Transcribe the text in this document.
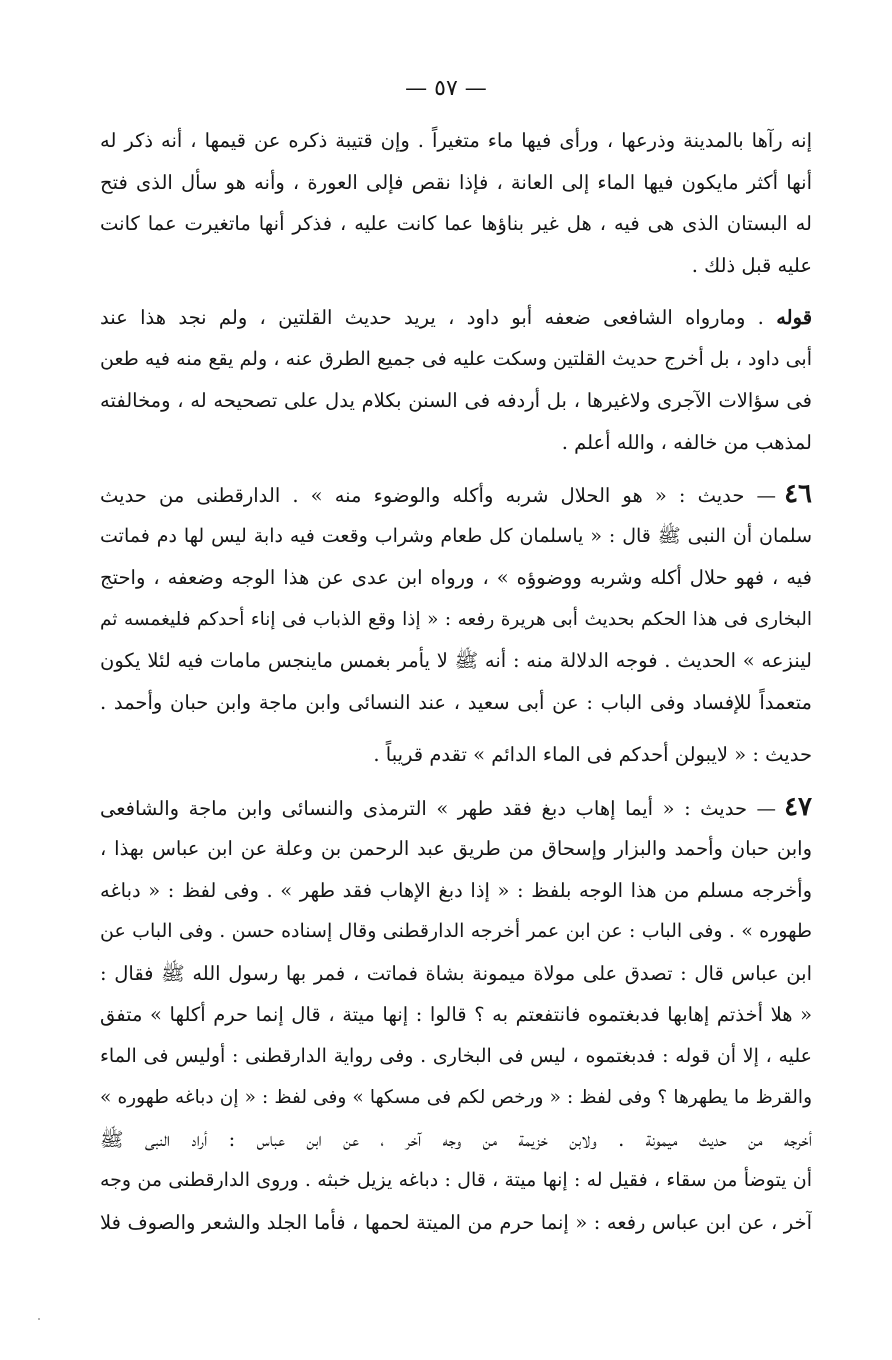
— ٥٧ —
إنه رآها بالمدينة وذرعها ، ورأى فيها ماء متغيراً . وإن قتيبة ذكره عن قيمها ، أنه ذكر له
أنها أكثر مايكون فيها الماء إلى العانة ، فإذا نقص فإلى العورة ، وأنه هو سأل الذى فتح
له البستان الذى هى فيه ، هل غير بناؤها عما كانت عليه ، فذكر أنها ماتغيرت عما كانت
عليه قبل ذلك .
قوله . ومارواه الشافعى ضعفه أبو داود ، يريد حديث القلتين ، ولم نجد هذا عند
أبى داود ، بل أخرج حديث القلتين وسكت عليه فى جميع الطرق عنه ، ولم يقع منه فيه طعن
فى سؤالات الآجرى ولاغيرها ، بل أردفه فى السنن بكلام يدل على تصحيحه له ، ومخالفته
لمذهب من خالفه ، والله أعلم .
٤٦— حديث : « هو الحلال شربه وأكله والوضوء منه » . الدارقطنى من حديث
سلمان أن النبى ﷺ قال : « ياسلمان كل طعام وشراب وقعت فيه دابة ليس لها دم فماتت
فيه ، فهو حلال أكله وشربه ووضوؤه » ، ورواه ابن عدى عن هذا الوجه وضعفه ، واحتج
البخارى فى هذا الحكم بحديث أبى هريرة رفعه : « إذا وقع الذباب فى إناء أحدكم فليغمسه ثم
لينزعه » الحديث . فوجه الدلالة منه : أنه ﷺ لا يأمر بغمس ماينجس مامات فيه لئلا يكون
متعمداً للإفساد وفى الباب : عن أبى سعيد ، عند النسائى وابن ماجة وابن حبان وأحمد .
حديث : « لايبولن أحدكم فى الماء الدائم » تقدم قريباً .
٤٧— حديث : « أيما إهاب دبغ فقد طهر » الترمذى والنسائى وابن ماجة والشافعى
وابن حبان وأحمد والبزار وإسحاق من طريق عبد الرحمن بن وعلة عن ابن عباس بهذا ،
وأخرجه مسلم من هذا الوجه بلفظ : « إذا دبغ الإهاب فقد طهر » . وفى لفظ : « دباغه
طهوره » . وفى الباب : عن ابن عمر أخرجه الدارقطنى وقال إسناده حسن . وفى الباب عن
ابن عباس قال : تصدق على مولاة ميمونة بشاة فماتت ، فمر بها رسول الله ﷺ فقال :
« هلا أخذتم إهابها فدبغتموه فانتفعتم به ؟ قالوا : إنها ميتة ، قال إنما حرم أكلها » متفق
عليه ، إلا أن قوله : فدبغتموه ، ليس فى البخارى . وفى رواية الدارقطنى : أوليس فى الماء
والقرظ ما يطهرها ؟ وفى لفظ : « ورخص لكم فى مسكها » وفى لفظ : « إن دباغه طهوره »
أخرجه من حديث ميمونة . ولابن خزيمة من وجه آخر ، عن ابن عباس : أراد النبى ﷺ
أن يتوضأ من سقاء ، فقيل له : إنها ميتة ، قال : دباغه يزيل خبثه . وروى الدارقطنى من وجه
آخر ، عن ابن عباس رفعه : « إنما حرم من الميتة لحمها ، فأما الجلد والشعر والصوف فلا
